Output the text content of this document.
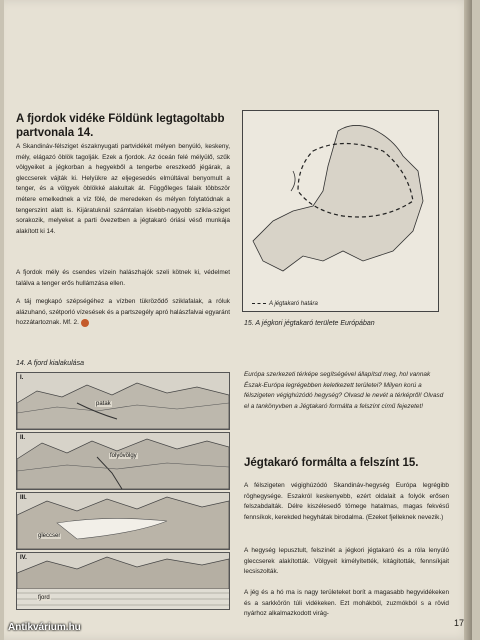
A fjordok vidéke Földünk legtagoltabb partvonala 14.
A Skandináv-félsziget északnyugati partvidékét mélyen benyúló, keskeny, mély, elágazó öblök tagolják. Ezek a fjordok. Az óceán felé mélyülő, szűk völgyeiket a jégkorban a hegyekből a tengerbe ereszkedő jégárak, a gleccserek vájták ki. Helyükre az eljegesedés elmúltával benyomult a tenger, és a völgyek öblökké alakultak át. Függőleges falaik többször métere emelkednek a víz fölé, de meredeken és mélyen folytatódnak a tengerszint alatt is. Kijáratuknál számtalan kisebb-nagyobb szikla-sziget sorakozik, melyeket a parti övezetben a jégtakaró óriási véső munkája alakított ki 14.
A fjordok mély és csendes vízein halászhajók szeli kötnek ki, védelmet találva a tenger erős hullámzása ellen.
A táj megkapó szépségéhez a vízben tükröződő sziklafalak, a róluk alázuhanó, szétporló vízesések és a partszegély apró halászfalvai egyaránt hozzátartoznak. Mf. 2.
14. A fjord kialakulása
I.
patak
II.
folyóvölgy
III.
gleccser
IV.
fjord
A jégtakaró határa
15. A jégkori jégtakaró területe Európában
Európa szerkezeti térképe segítségével állapítsd meg, hol vannak Észak-Európa legrégebben keletkezett területei? Milyen korú a félszigeten végighúzódó hegység? Olvasd le nevét a térképről! Olvasd el a tankönyvben a Jégtakaró formálta a felszínt című fejezetet!
Jégtakaró formálta a felszínt 15.
A félszigeten végighúzódó Skandináv-hegység Európa legrégibb röghegysége. Eszakról keskenyebb, ezért oldalait a folyók erősen felszabdalták. Délre kiszélesedő tömege hatalmas, magas fekvésű fennsíkok, kerekded hegyhátak birodalma. (Ezeket fjelleknek nevezik.)
A hegység lepusztult, felszínét a jégkori jégtakaró és a róla lenyúló gleccserek alakították. Völgyeit kimélyítették, kitágították, fennsíkjait lecsiszolták.
A jég és a hó ma is nagy területeket borít a magasabb hegyvidékeken és a sarkkörön túli vidékeken. Ezt mohákból, zuzmókból s a rövid nyárhoz alkalmazkodott virág-
17
Antikvárium.hu
